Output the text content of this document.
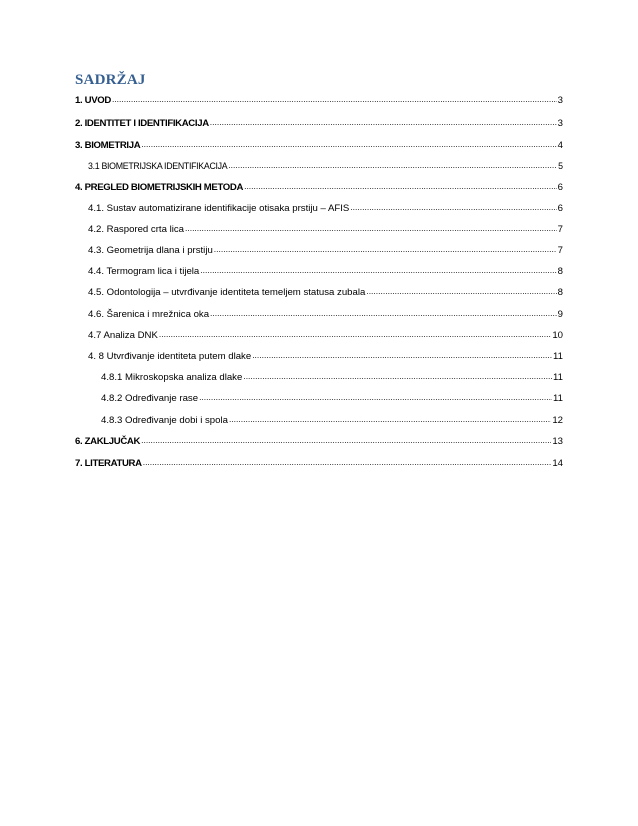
SADRŽAJ
1. UVOD .....	3
2. IDENTITET I IDENTIFIKACIJA .....	3
3. BIOMETRIJA .....	4
3.1 BIOMETRIJSKA IDENTIFIKACIJA .....	5
4. PREGLED BIOMETRIJSKIH METODA .....	6
4.1. Sustav automatizirane identifikacije otisaka prstiju – AFIS .....	6
4.2. Raspored crta lica .....	7
4.3. Geometrija dlana i prstiju .....	7
4.4. Termogram lica i tijela .....	8
4.5. Odontologija – utvrđivanje identiteta temeljem statusa zubala .....	8
4.6. Šarenica i mrežnica oka .....	9
4.7 Analiza DNK .....	10
4. 8 Utvrđivanje identiteta putem dlake .....	11
4.8.1 Mikroskopska analiza dlake .....	11
4.8.2 Određivanje rase .....	11
4.8.3 Određivanje dobi i spola .....	12
6. ZAKLJUČAK .....	13
7. LITERATURA .....	14
